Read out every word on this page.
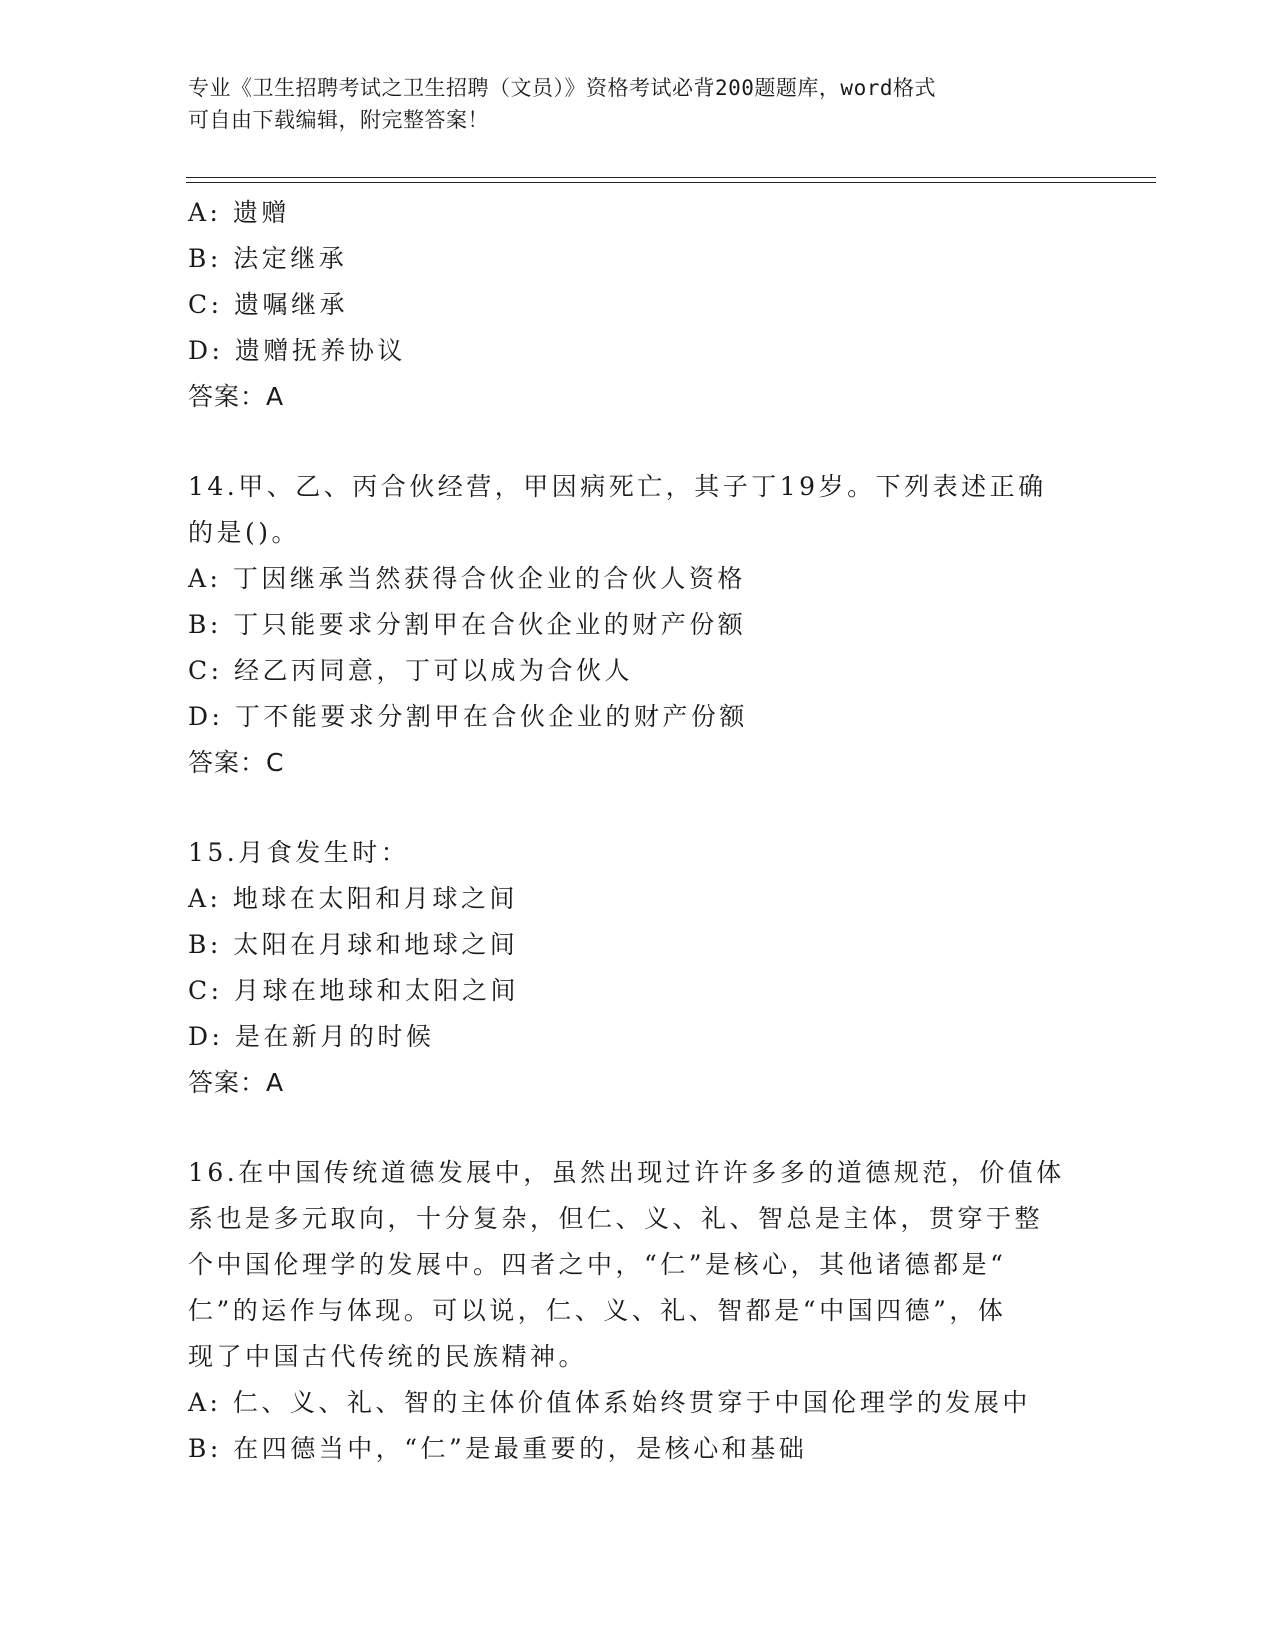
专业《卫生招聘考试之卫生招聘（文员）》资格考试必背200题题库，word格式
可自由下载编辑，附完整答案！
A: 遗赠
B: 法定继承
C: 遗嘱继承
D: 遗赠抚养协议
答案：A
14.甲、乙、丙合伙经营，甲因病死亡，其子丁19岁。下列表述正确
的是()。
A: 丁因继承当然获得合伙企业的合伙人资格
B: 丁只能要求分割甲在合伙企业的财产份额
C: 经乙丙同意，丁可以成为合伙人
D: 丁不能要求分割甲在合伙企业的财产份额
答案：C
15.月食发生时：
A: 地球在太阳和月球之间
B: 太阳在月球和地球之间
C: 月球在地球和太阳之间
D: 是在新月的时候
答案：A
16.在中国传统道德发展中，虽然出现过许许多多的道德规范，价值体
系也是多元取向，十分复杂，但仁、义、礼、智总是主体，贯穿于整
个中国伦理学的发展中。四者之中，“仁”是核心，其他诸德都是“
仁”的运作与体现。可以说，仁、义、礼、智都是“中国四德”，体
现了中国古代传统的民族精神。
A: 仁、义、礼、智的主体价值体系始终贯穿于中国伦理学的发展中
B: 在四德当中，“仁”是最重要的，是核心和基础
